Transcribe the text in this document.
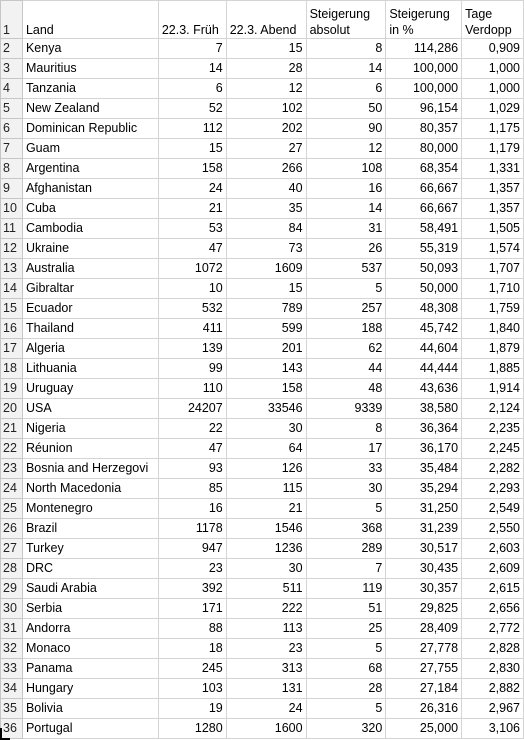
1	Land	22.3. Früh	22.3. Abend	Steigerung absolut	Steigerung in %	Tage Verdopp
2	Kenya	7	15	8	114,286	0,909
3	Mauritius	14	28	14	100,000	1,000
4	Tanzania	6	12	6	100,000	1,000
5	New Zealand	52	102	50	96,154	1,029
6	Dominican Republic	112	202	90	80,357	1,175
7	Guam	15	27	12	80,000	1,179
8	Argentina	158	266	108	68,354	1,331
9	Afghanistan	24	40	16	66,667	1,357
10	Cuba	21	35	14	66,667	1,357
11	Cambodia	53	84	31	58,491	1,505
12	Ukraine	47	73	26	55,319	1,574
13	Australia	1072	1609	537	50,093	1,707
14	Gibraltar	10	15	5	50,000	1,710
15	Ecuador	532	789	257	48,308	1,759
16	Thailand	411	599	188	45,742	1,840
17	Algeria	139	201	62	44,604	1,879
18	Lithuania	99	143	44	44,444	1,885
19	Uruguay	110	158	48	43,636	1,914
20	USA	24207	33546	9339	38,580	2,124
21	Nigeria	22	30	8	36,364	2,235
22	Réunion	47	64	17	36,170	2,245
23	Bosnia and Herzegovi	93	126	33	35,484	2,282
24	North Macedonia	85	115	30	35,294	2,293
25	Montenegro	16	21	5	31,250	2,549
26	Brazil	1178	1546	368	31,239	2,550
27	Turkey	947	1236	289	30,517	2,603
28	DRC	23	30	7	30,435	2,609
29	Saudi Arabia	392	511	119	30,357	2,615
30	Serbia	171	222	51	29,825	2,656
31	Andorra	88	113	25	28,409	2,772
32	Monaco	18	23	5	27,778	2,828
33	Panama	245	313	68	27,755	2,830
34	Hungary	103	131	28	27,184	2,882
35	Bolivia	19	24	5	26,316	2,967
36	Portugal	1280	1600	320	25,000	3,106
